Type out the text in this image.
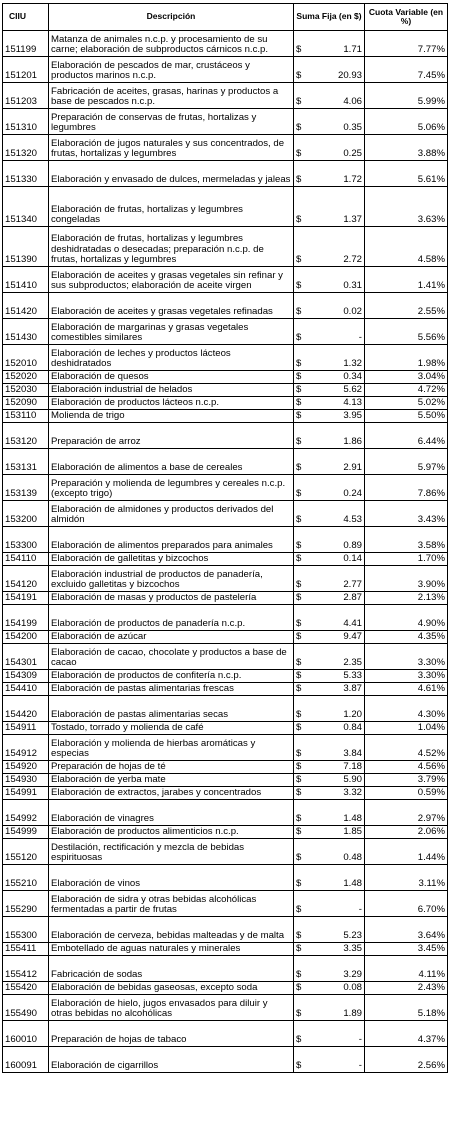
CIIU	Descripción	Suma Fija (en $)	Cuota Variable (en %)
151199	Matanza de animales n.c.p. y procesamiento de su carne; elaboración de subproductos cárnicos n.c.p.	$ 1.71	7.77%
151201	Elaboración de pescados de mar, crustáceos y productos marinos n.c.p.	$ 20.93	7.45%
151203	Fabricación de aceites, grasas, harinas y productos a base de pescados n.c.p.	$ 4.06	5.99%
151310	Preparación de conservas de frutas, hortalizas y legumbres	$ 0.35	5.06%
151320	Elaboración de jugos naturales y sus concentrados, de frutas, hortalizas y legumbres	$ 0.25	3.88%
151330	Elaboración y envasado de dulces, mermeladas y jaleas	$ 1.72	5.61%
151340	Elaboración de frutas, hortalizas y legumbres congeladas	$ 1.37	3.63%
151390	Elaboración de frutas, hortalizas y legumbres deshidratadas o desecadas; preparación n.c.p. de frutas, hortalizas y legumbres	$ 2.72	4.58%
151410	Elaboración de aceites y grasas vegetales sin refinar y sus subproductos; elaboración de aceite virgen	$ 0.31	1.41%
151420	Elaboración de aceites y grasas vegetales refinadas	$ 0.02	2.55%
151430	Elaboración de margarinas y grasas vegetales comestibles similares	$ -	5.56%
152010	Elaboración de leches y productos lácteos deshidratados	$ 1.32	1.98%
152020	Elaboración de quesos	$ 0.34	3.04%
152030	Elaboración industrial de helados	$ 5.62	4.72%
152090	Elaboración de productos lácteos n.c.p.	$ 4.13	5.02%
153110	Molienda de trigo	$ 3.95	5.50%
153120	Preparación de arroz	$ 1.86	6.44%
153131	Elaboración de alimentos a base de cereales	$ 2.91	5.97%
153139	Preparación y molienda de legumbres y cereales n.c.p. (excepto trigo)	$ 0.24	7.86%
153200	Elaboración de almidones y productos derivados del almidón	$ 4.53	3.43%
153300	Elaboración de alimentos preparados para animales	$ 0.89	3.58%
154110	Elaboración de galletitas y bizcochos	$ 0.14	1.70%
154120	Elaboración industrial de productos de panadería, excluido galletitas y bizcochos	$ 2.77	3.90%
154191	Elaboración de masas y productos de pastelería	$ 2.87	2.13%
154199	Elaboración de productos de panadería n.c.p.	$ 4.41	4.90%
154200	Elaboración de azúcar	$ 9.47	4.35%
154301	Elaboración de cacao, chocolate y productos a base de cacao	$ 2.35	3.30%
154309	Elaboración de productos de confitería n.c.p.	$ 5.33	3.30%
154410	Elaboración de pastas alimentarias frescas	$ 3.87	4.61%
154420	Elaboración de pastas alimentarias secas	$ 1.20	4.30%
154911	Tostado, torrado y molienda de café	$ 0.84	1.04%
154912	Elaboración y molienda de hierbas aromáticas y especias	$ 3.84	4.52%
154920	Preparación de hojas de té	$ 7.18	4.56%
154930	Elaboración de yerba mate	$ 5.90	3.79%
154991	Elaboración de extractos, jarabes y concentrados	$ 3.32	0.59%
154992	Elaboración de vinagres	$ 1.48	2.97%
154999	Elaboración de productos alimenticios n.c.p.	$ 1.85	2.06%
155120	Destilación, rectificación y mezcla de bebidas espirituosas	$ 0.48	1.44%
155210	Elaboración de vinos	$ 1.48	3.11%
155290	Elaboración de sidra y otras bebidas alcohólicas fermentadas a partir de frutas	$ -	6.70%
155300	Elaboración de cerveza, bebidas malteadas y de malta	$ 5.23	3.64%
155411	Embotellado de aguas naturales y minerales	$ 3.35	3.45%
155412	Fabricación de sodas	$ 3.29	4.11%
155420	Elaboración de bebidas gaseosas, excepto soda	$ 0.08	2.43%
155490	Elaboración de hielo, jugos envasados para diluir y otras bebidas no alcohólicas	$ 1.89	5.18%
160010	Preparación de hojas de tabaco	$ -	4.37%
160091	Elaboración de cigarrillos	$ -	2.56%
